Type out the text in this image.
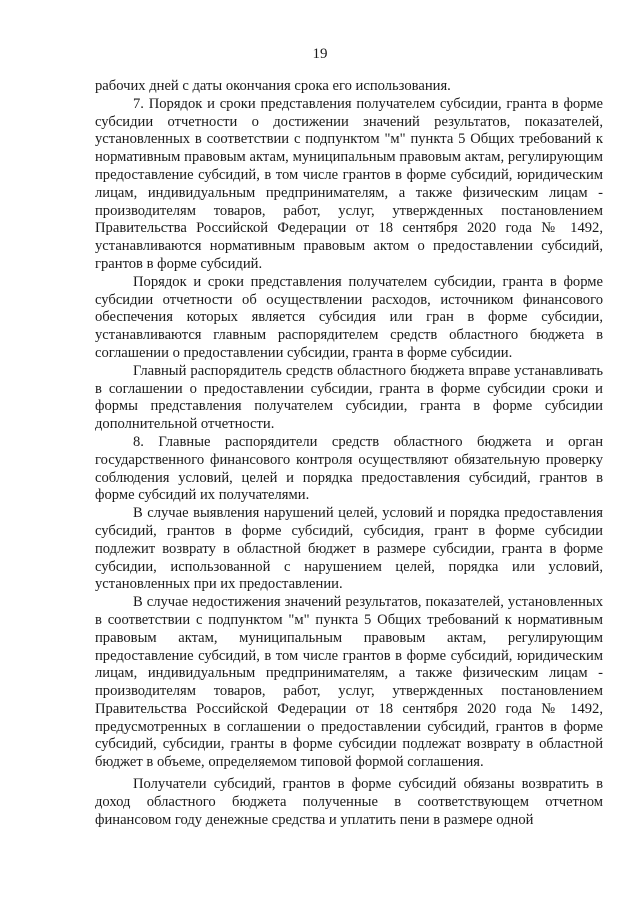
19

рабочих дней с даты окончания срока его использования.

7. Порядок и сроки представления получателем субсидии, гранта в форме субсидии отчетности о достижении значений результатов, показателей, установленных в соответствии с подпунктом "м" пункта 5 Общих требований к нормативным правовым актам, муниципальным правовым актам, регулирующим предоставление субсидий, в том числе грантов в форме субсидий, юридическим лицам, индивидуальным предпринимателям, а также физическим лицам - производителям товаров, работ, услуг, утвержденных постановлением Правительства Российской Федерации от 18 сентября 2020 года № 1492, устанавливаются нормативным правовым актом о предоставлении субсидий, грантов в форме субсидий.

Порядок и сроки представления получателем субсидии, гранта в форме субсидии отчетности об осуществлении расходов, источником финансового обеспечения которых является субсидия или гран в форме субсидии, устанавливаются главным распорядителем средств областного бюджета в соглашении о предоставлении субсидии, гранта в форме субсидии.

Главный распорядитель средств областного бюджета вправе устанавливать в соглашении о предоставлении субсидии, гранта в форме субсидии сроки и формы представления получателем субсидии, гранта в форме субсидии дополнительной отчетности.

8. Главные распорядители средств областного бюджета и орган государственного финансового контроля осуществляют обязательную проверку соблюдения условий, целей и порядка предоставления субсидий, грантов в форме субсидий их получателями.

В случае выявления нарушений целей, условий и порядка предоставления субсидий, грантов в форме субсидий, субсидия, грант в форме субсидии подлежит возврату в областной бюджет в размере субсидии, гранта в форме субсидии, использованной с нарушением целей, порядка или условий, установленных при их предоставлении.

В случае недостижения значений результатов, показателей, установленных в соответствии с подпунктом "м" пункта 5 Общих требований к нормативным правовым актам, муниципальным правовым актам, регулирующим предоставление субсидий, в том числе грантов в форме субсидий, юридическим лицам, индивидуальным предпринимателям, а также физическим лицам - производителям товаров, работ, услуг, утвержденных постановлением Правительства Российской Федерации от 18 сентября 2020 года № 1492, предусмотренных в соглашении о предоставлении субсидий, грантов в форме субсидий, субсидии, гранты в форме субсидии подлежат возврату в областной бюджет в объеме, определяемом типовой формой соглашения.

Получатели субсидий, грантов в форме субсидий обязаны возвратить в доход областного бюджета полученные в соответствующем отчетном финансовом году денежные средства и уплатить пени в размере одной
